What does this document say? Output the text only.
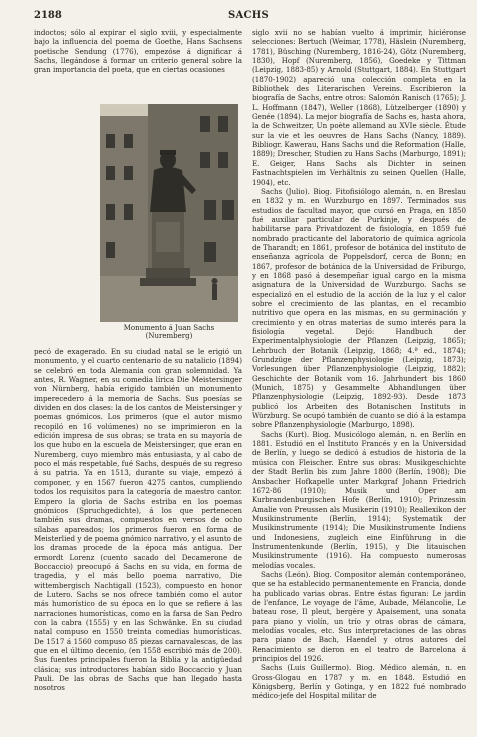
2188	SACHS

indoctos; sólo al expirar el siglo xviii, y especialmente bajo la influencia del poema de Goethe, Hans Sachsens poetische Sendung (1776), empezóse á dignificar á Sachs, llegándose á formar un criterio general sobre la gran importancia del poeta, que en ciertas ocasiones

Monumento á Juan Sachs (Nuremberg)

pecó de exagerado. En su ciudad natal se le erigió un monumento, y el cuarto centenario de su natalicio (1894) se celebró en toda Alemania con gran solemnidad. Ya antes, R. Wagner, en su comedia lírica Die Meistersinger von Nürnberg, había erigido también un monumento imperecedero á la memoria de Sachs. Sus poesías se dividen en dos clases: la de los cantos de Meistersinger y poemas gnómicos. Los primeros (que el autor mismo recopiló en 16 volúmenes) no se imprimieron en la edición impresa de sus obras; se trata en su mayoría de los que hubo en la escuela de Meistersinger, que eran en Nuremberg, cuyo miembro más entusiasta, y al cabo de poco el más respetable, fué Sachs, después de su regreso á su patria. Ya en 1513, durante su viaje, empezó á componer, y en 1567 fueron 4275 cantos, cumpliendo todos los requisitos para la categoría de maestro cantor. Empero la gloria de Sachs estriba en los poemas gnómicos (Spruchgedichte), á los que pertenecen también sus dramas, compuestos en versos de ocho sílabas apareados; los primeros fueron en forma de Meisterlied y de poema gnómico narrativo, y el asunto de los dramas procede de la época más antigua. Der ermordt Lorenz (cuento sacado del Decamerone de Boccaccio) preocupó á Sachs en su vida, en forma de tragedia, y el más bello poema narrativo, Die wittembergisch Nachtigall (1523), compuesto en honor de Lutero. Sachs se nos ofrece también como el autor más humorístico de su época en lo que se refiere á las narraciones humorísticas, como en la farsa de San Pedro con la cabra (1555) y en las Schwänke. En su ciudad natal compuso en 1550 treinta comedias humorísticas. De 1517 á 1560 compuso 85 piezas carnavalescas, de las que en el último decenio, (en 1558 escribió más de 200). Sus fuentes principales fueron la Biblia y la antigüedad clásica; sus introductores habían sido Boccaccio y Juan Pauli. De las obras de Sachs que han llegado hasta nosotros

siglo xvii no se habían vuelto á imprimir, hiciéronse selecciones: Bertuch (Weimar, 1778), Häslein (Nuremberg, 1781), Büsching (Nuremberg, 1816-24), Götz (Nuremberg, 1830), Hopf (Nuremberg, 1856), Goedeke y Tittman (Leipzig, 1883-85) y Arnold (Stuttgart, 1884). En Stuttgart (1870-1902) apareció una colección completa en la Bibliothek des Literarischen Vereins. Escribieron la biografía de Sachs, entre otros: Salomón Ranisch (1765); J. L. Hoffmann (1847), Weller (1868), Lützelberger (1890) y Genée (1894). La mejor biografía de Sachs es, hasta ahora, la de Schweitzer, Un poète allemand au XVIe siècle. Étude sur la vie et les oeuvres de Hans Sachs (Nancy, 1889). Bibliogr. Kawerau, Hans Sachs und die Reformation (Halle, 1889); Drescher, Studien zu Hans Sachs (Marburgo, 1891); E. Geiger, Hans Sachs als Dichter in seinen Fastnachtspielen im Verhältnis zu seinen Quellen (Halle, 1904), etc.

Sachs (Julio). Biog. Fitofisiólogo alemán, n. en Breslau en 1832 y m. en Wurzburgo en 1897. Terminados sus estudios de facultad mayor, que cursó en Praga, en 1850 fué auxiliar particular de Purkinje, y después de habilitarse para Privatdozent de fisiología, en 1859 fué nombrado practicante del laboratorio de química agrícola de Tharandt; en 1861, profesor de botánica del instituto de enseñanza agrícola de Poppelsdorf, cerca de Bonn; en 1867, profesor de botánica de la Universidad de Friburgo, y en 1868 pasó á desempeñar igual cargo en la misma asignatura de la Universidad de Wurzburgo. Sachs se especializó en el estudio de la acción de la luz y el calor sobre el crecimiento de las plantas, en el recambio nutritivo que opera en las mismas, en su germinación y crecimiento y en otras materias de sumo interés para la fisiología vegetal. Dejó: Handbuch der Experimentalphysiologie der Pflanzen (Leipzig, 1865); Lehrbuch der Botanik (Leipzig, 1868; 4.ª ed., 1874); Grundzüge der Pflanzenphysiologie (Leipzig, 1873); Vorlesungen über Pflanzenphysiologie (Leipzig, 1882); Geschichte der Botanik vom 16. Jahrhundert bis 1860 (Munich, 1875) y Gesammelte Abhandlungen über Pflanzenphysiologie (Leipzig, 1892-93). Desde 1873 publicó los Arbeiten des Botanischen Instituts in Würzburg. Se ocupó también de cuanto se dió á la estampa sobre Pflanzenphysiologie (Marburgo, 1898).

Sachs (Kurt). Biog. Musicólogo alemán, n. en Berlín en 1881. Estudió en el Instituto Francés y en la Universidad de Berlín, y luego se dedicó á estudios de historia de la música con Fleischer. Entre sus obras: Musikgeschichte der Stadt Berlin bis zum Jahre 1800 (Berlín, 1908); Die Ansbacher Hofkapelle unter Markgraf Johann Friedrich 1672-86 (1910); Musik und Oper am Kurbrandenburgischen Hofe (Berlín, 1910); Prinzessin Amalie von Preussen als Musikerin (1910); Reallexikon der Musikinstrumente (Berlín, 1914); Systematik der Musikinstrumente (1914); Die Musikinstrumente Indiens und Indonesiens, zugleich eine Einführung in die Instrumentenkunde (Berlín, 1915), y Die litauischen Musikinstrumente (1916). Ha compuesto numerosas melodías vocales.

Sachs (León). Biog. Compositor alemán contemporáneo, que se ha establecido permanentemente en Francia, donde ha publicado varias obras. Entre éstas figuran: Le jardin de l'enfance, Le voyage de l'âme, Aubade, Mélancolie, Le bateau rose, Il pleut, bergère y Apaisement, una sonata para piano y violín, un trío y otras obras de cámara, melodías vocales, etc. Sus interpretaciones de las obras para piano de Bach, Haendel y otros autores del Renacimiento se dieron en el teatro de Barcelona á principios del 1926.

Sachs (Luis Guillermo). Biog. Médico alemán, n. en Gross-Glogau en 1787 y m. en 1848. Estudió en Königsberg, Berlín y Gotinga, y en 1822 fué nombrado médico-jefe del Hospital militar de
